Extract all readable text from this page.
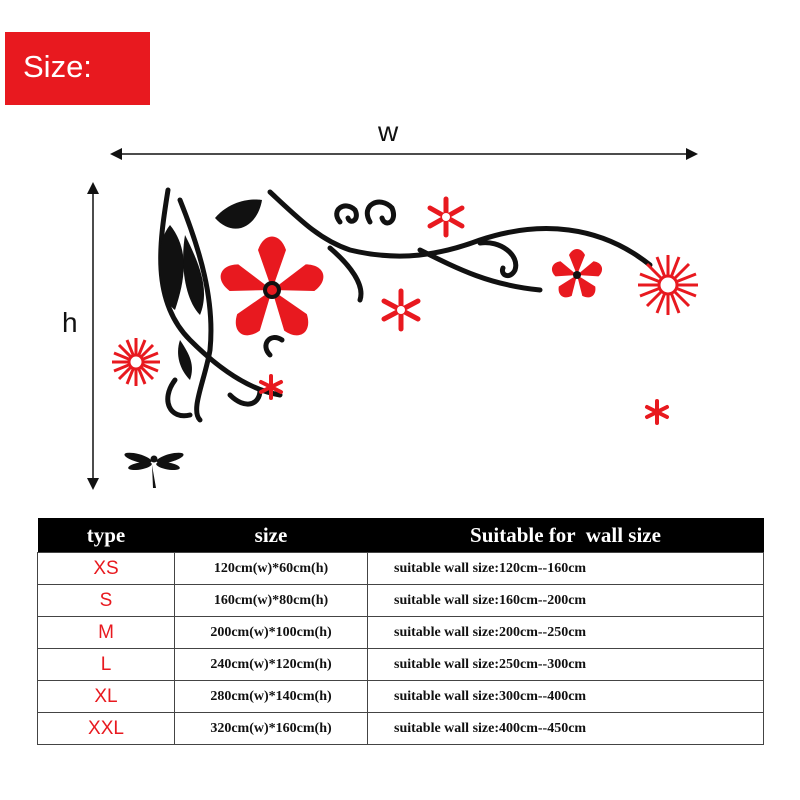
Size:
w
h
type	size	Suitable for  wall size
XS	120cm(w)*60cm(h)	suitable wall size:120cm--160cm
S	160cm(w)*80cm(h)	suitable wall size:160cm--200cm
M	200cm(w)*100cm(h)	suitable wall size:200cm--250cm
L	240cm(w)*120cm(h)	suitable wall size:250cm--300cm
XL	280cm(w)*140cm(h)	suitable wall size:300cm--400cm
XXL	320cm(w)*160cm(h)	suitable wall size:400cm--450cm
